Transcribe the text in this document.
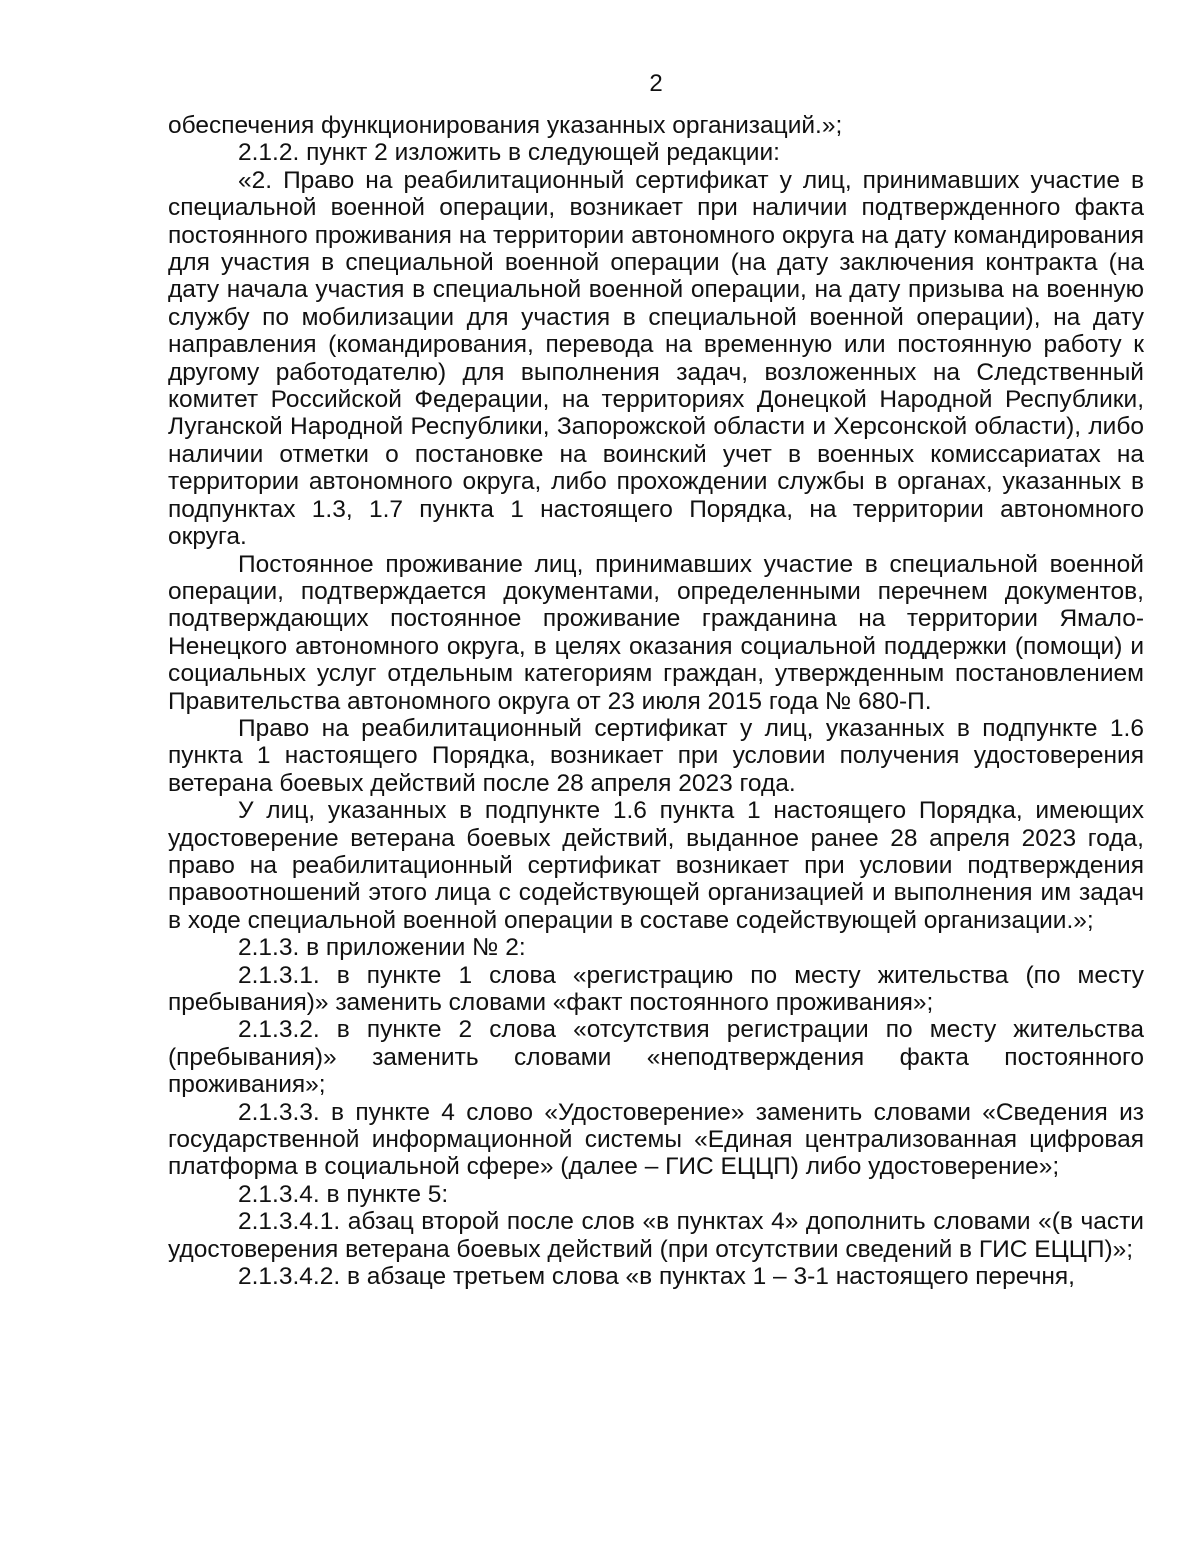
2

обеспечения функционирования указанных организаций.»;

2.1.2. пункт 2 изложить в следующей редакции:

«2. Право на реабилитационный сертификат у лиц, принимавших участие в специальной военной операции, возникает при наличии подтвержденного факта постоянного проживания на территории автономного округа на дату командирования для участия в специальной военной операции (на дату заключения контракта (на дату начала участия в специальной военной операции, на дату призыва на военную службу по мобилизации для участия в специальной военной операции), на дату направления (командирования, перевода на временную или постоянную работу к другому работодателю) для выполнения задач, возложенных на Следственный комитет Российской Федерации, на территориях Донецкой Народной Республики, Луганской Народной Республики, Запорожской области и Херсонской области), либо наличии отметки о постановке на воинский учет в военных комиссариатах на территории автономного округа, либо прохождении службы в органах, указанных в подпунктах 1.3, 1.7 пункта 1 настоящего Порядка, на территории автономного округа.

Постоянное проживание лиц, принимавших участие в специальной военной операции, подтверждается документами, определенными перечнем документов, подтверждающих постоянное проживание гражданина на территории Ямало-Ненецкого автономного округа, в целях оказания социальной поддержки (помощи) и социальных услуг отдельным категориям граждан, утвержденным постановлением Правительства автономного округа от 23 июля 2015 года № 680-П.

Право на реабилитационный сертификат у лиц, указанных в подпункте 1.6 пункта 1 настоящего Порядка, возникает при условии получения удостоверения ветерана боевых действий после 28 апреля 2023 года.

У лиц, указанных в подпункте 1.6 пункта 1 настоящего Порядка, имеющих удостоверение ветерана боевых действий, выданное ранее 28 апреля 2023 года, право на реабилитационный сертификат возникает при условии подтверждения правоотношений этого лица с содействующей организацией и выполнения им задач в ходе специальной военной операции в составе содействующей организации.»;

2.1.3. в приложении № 2:

2.1.3.1. в пункте 1 слова «регистрацию по месту жительства (по месту пребывания)» заменить словами «факт постоянного проживания»;

2.1.3.2. в пункте 2 слова «отсутствия регистрации по месту жительства (пребывания)» заменить словами «неподтверждения факта постоянного проживания»;

2.1.3.3. в пункте 4 слово «Удостоверение» заменить словами «Сведения из государственной информационной системы «Единая централизованная цифровая платформа в социальной сфере» (далее – ГИС ЕЦЦП) либо удостоверение»;

2.1.3.4. в пункте 5:

2.1.3.4.1. абзац второй после слов «в пунктах 4» дополнить словами «(в части удостоверения ветерана боевых действий (при отсутствии сведений в ГИС ЕЦЦП)»;

2.1.3.4.2. в абзаце третьем слова «в пунктах 1 – 3-1 настоящего перечня,
